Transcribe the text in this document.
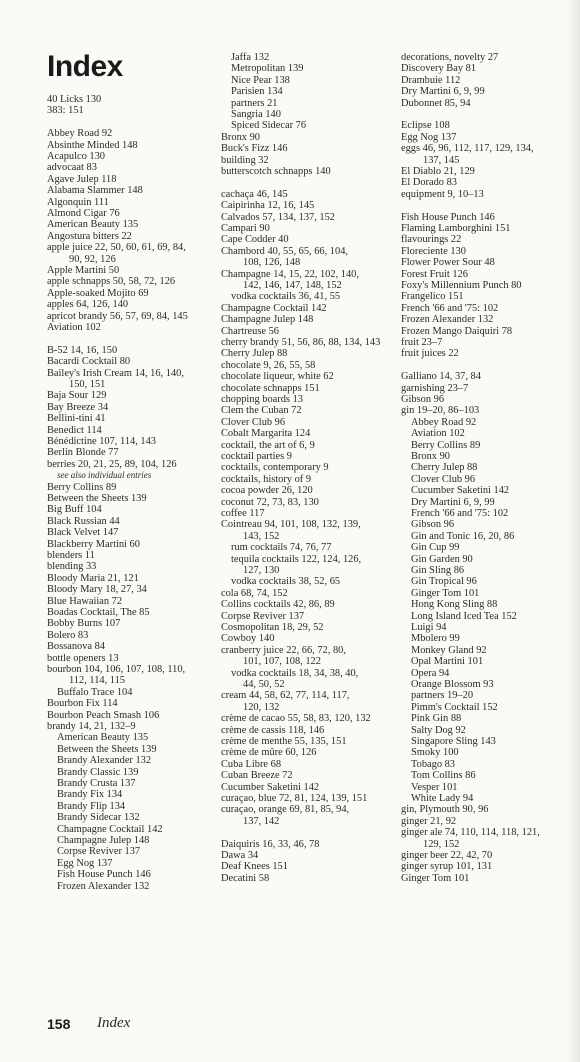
Index
40 Licks 130
383: 151
Abbey Road 92
Absinthe Minded 148
Acapulco 130
advocaat 83
Agave Julep 118
Alabama Slammer 148
Algonquin 111
Almond Cigar 76
American Beauty 135
Angostura bitters 22
apple juice 22, 50, 60, 61, 69, 84,
90, 92, 126
Apple Martini 50
apple schnapps 50, 58, 72, 126
Apple-soaked Mojito 69
apples 64, 126, 140
apricot brandy 56, 57, 69, 84, 145
Aviation 102
B-52 14, 16, 150
Bacardi Cocktail 80
Bailey's Irish Cream 14, 16, 140,
150, 151
Baja Sour 129
Bay Breeze 34
Bellini-tini 41
Benedict 114
Bénédictine 107, 114, 143
Berlin Blonde 77
berries 20, 21, 25, 89, 104, 126
see also individual entries
Berry Collins 89
Between the Sheets 139
Big Buff 104
Black Russian 44
Black Velvet 147
Blackberry Martini 60
blenders 11
blending 33
Bloody Maria 21, 121
Bloody Mary 18, 27, 34
Blue Hawaiian 72
Boadas Cocktail, The 85
Bobby Burns 107
Bolero 83
Bossanova 84
bottle openers 13
bourbon 104, 106, 107, 108, 110,
112, 114, 115
Buffalo Trace 104
Bourbon Fix 114
Bourbon Peach Smash 106
brandy 14, 21, 132–9
American Beauty 135
Between the Sheets 139
Brandy Alexander 132
Brandy Classic 139
Brandy Crusta 137
Brandy Fix 134
Brandy Flip 134
Brandy Sidecar 132
Champagne Cocktail 142
Champagne Julep 148
Corpse Reviver 137
Egg Nog 137
Fish House Punch 146
Frozen Alexander 132
Jaffa 132
Metropolitan 139
Nice Pear 138
Parisien 134
partners 21
Sangria 140
Spiced Sidecar 76
Bronx 90
Buck's Fizz 146
building 32
butterscotch schnapps 140
cachaça 46, 145
Caipirinha 12, 16, 145
Calvados 57, 134, 137, 152
Campari 90
Cape Codder 40
Chambord 40, 55, 65, 66, 104,
108, 126, 148
Champagne 14, 15, 22, 102, 140,
142, 146, 147, 148, 152
vodka cocktails 36, 41, 55
Champagne Cocktail 142
Champagne Julep 148
Chartreuse 56
cherry brandy 51, 56, 86, 88, 134, 143
Cherry Julep 88
chocolate 9, 26, 55, 58
chocolate liqueur, white 62
chocolate schnapps 151
chopping boards 13
Clem the Cuban 72
Clover Club 96
Cobalt Margarita 124
cocktail, the art of 6, 9
cocktail parties 9
cocktails, contemporary 9
cocktails, history of 9
cocoa powder 26, 120
coconut 72, 73, 83, 130
coffee 117
Cointreau 94, 101, 108, 132, 139,
143, 152
rum cocktails 74, 76, 77
tequila cocktails 122, 124, 126,
127, 130
vodka cocktails 38, 52, 65
cola 68, 74, 152
Collins cocktails 42, 86, 89
Corpse Reviver 137
Cosmopolitan 18, 29, 52
Cowboy 140
cranberry juice 22, 66, 72, 80,
101, 107, 108, 122
vodka cocktails 18, 34, 38, 40,
44, 50, 52
cream 44, 58, 62, 77, 114, 117,
120, 132
crème de cacao 55, 58, 83, 120, 132
crème de cassis 118, 146
crème de menthe 55, 135, 151
crème de mûre 60, 126
Cuba Libre 68
Cuban Breeze 72
Cucumber Saketini 142
curaçao, blue 72, 81, 124, 139, 151
curaçao, orange 69, 81, 85, 94,
137, 142
Daiquiris 16, 33, 46, 78
Dawa 34
Deaf Knees 151
Decatini 58
decorations, novelty 27
Discovery Bay 81
Drambuie 112
Dry Martini 6, 9, 99
Dubonnet 85, 94
Eclipse 108
Egg Nog 137
eggs 46, 96, 112, 117, 129, 134,
137, 145
El Diablo 21, 129
El Dorado 83
equipment 9, 10–13
Fish House Punch 146
Flaming Lamborghini 151
flavourings 22
Floreciente 130
Flower Power Sour 48
Forest Fruit 126
Foxy's Millennium Punch 80
Frangelico 151
French '66 and '75: 102
Frozen Alexander 132
Frozen Mango Daiquiri 78
fruit 23–7
fruit juices 22
Galliano 14, 37, 84
garnishing 23–7
Gibson 96
gin 19–20, 86–103
Abbey Road 92
Aviation 102
Berry Collins 89
Bronx 90
Cherry Julep 88
Clover Club 96
Cucumber Saketini 142
Dry Martini 6, 9, 99
French '66 and '75: 102
Gibson 96
Gin and Tonic 16, 20, 86
Gin Cup 99
Gin Garden 90
Gin Sling 86
Gin Tropical 96
Ginger Tom 101
Hong Kong Sling 88
Long Island Iced Tea 152
Luigi 94
Mbolero 99
Monkey Gland 92
Opal Martini 101
Opera 94
Orange Blossom 93
partners 19–20
Pimm's Cocktail 152
Pink Gin 88
Salty Dog 92
Singapore Sling 143
Smoky 100
Tobago 83
Tom Collins 86
Vesper 101
White Lady 94
gin, Plymouth 90, 96
ginger 21, 92
ginger ale 74, 110, 114, 118, 121,
129, 152
ginger beer 22, 42, 70
ginger syrup 101, 131
Ginger Tom 101
158 Index
